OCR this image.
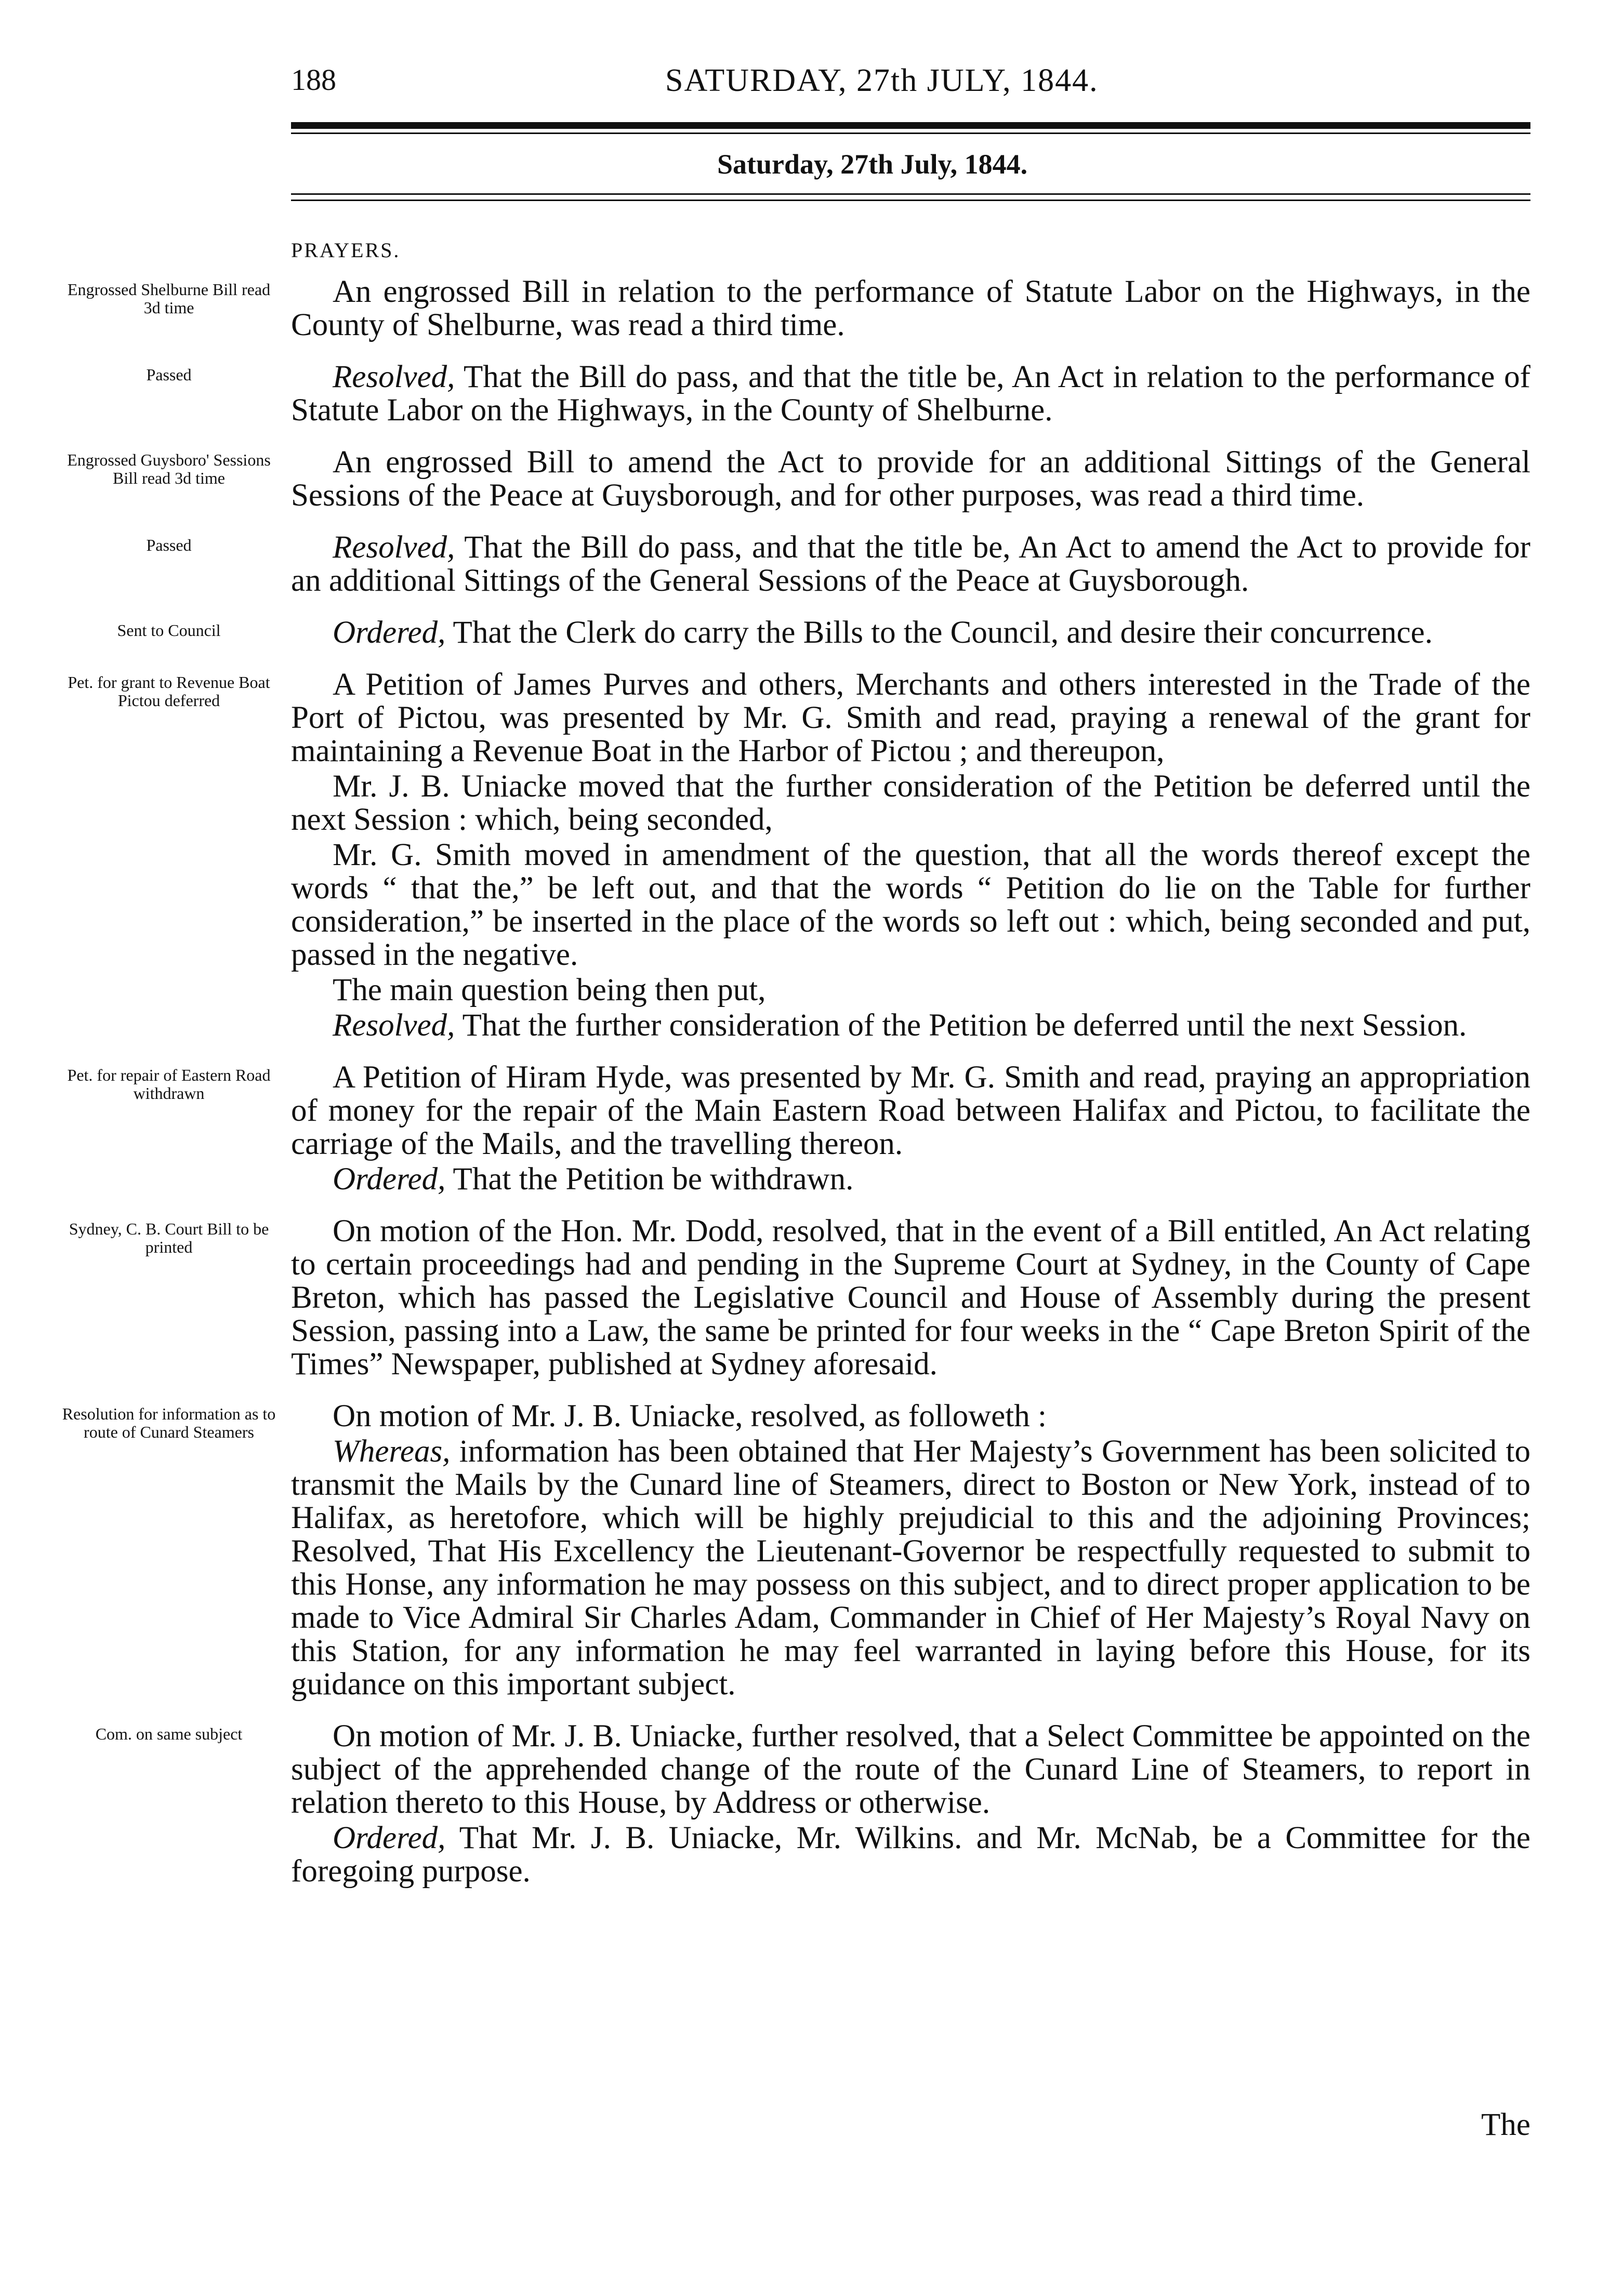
188	SATURDAY, 27th JULY, 1844.
Saturday, 27th July, 1844.
PRAYERS.
Engrossed Shelburne Bill read 3d time	An engrossed Bill in relation to the performance of Statute Labor on the Highways, in the County of Shelburne, was read a third time.

Passed	Resolved, That the Bill do pass, and that the title be, An Act in relation to the performance of Statute Labor on the Highways, in the County of Shelburne.

Engrossed Guysboro' Sessions Bill read 3d time	An engrossed Bill to amend the Act to provide for an additional Sittings of the General Sessions of the Peace at Guysborough, and for other purposes, was read a third time.

Passed	Resolved, That the Bill do pass, and that the title be, An Act to amend the Act to provide for an additional Sittings of the General Sessions of the Peace at Guysborough.

Sent to Council	Ordered, That the Clerk do carry the Bills to the Council, and desire their concurrence.

Pet. for grant to Revenue Boat Pictou deferred	A Petition of James Purves and others, Merchants and others interested in the Trade of the Port of Pictou, was presented by Mr. G. Smith and read, praying a renewal of the grant for maintaining a Revenue Boat in the Harbor of Pictou ; and thereupon,

Mr. J. B. Uniacke moved that the further consideration of the Petition be deferred until the next Session : which, being seconded,

Mr. G. Smith moved in amendment of the question, that all the words thereof except the words “ that the,” be left out, and that the words “ Petition do lie on the Table for further consideration,” be inserted in the place of the words so left out : which, being seconded and put, passed in the negative.

The main question being then put,

Resolved, That the further consideration of the Petition be deferred until the next Session.

Pet. for repair of Eastern Road withdrawn	A Petition of Hiram Hyde, was presented by Mr. G. Smith and read, praying an appropriation of money for the repair of the Main Eastern Road between Halifax and Pictou, to facilitate the carriage of the Mails, and the travelling thereon.

Ordered, That the Petition be withdrawn.

Sydney, C. B. Court Bill to be printed	On motion of the Hon. Mr. Dodd, resolved, that in the event of a Bill entitled, An Act relating to certain proceedings had and pending in the Supreme Court at Sydney, in the County of Cape Breton, which has passed the Legislative Council and House of Assembly during the present Session, passing into a Law, the same be printed for four weeks in the “ Cape Breton Spirit of the Times” Newspaper, published at Sydney aforesaid.

Resolution for information as to route of Cunard Steamers	On motion of Mr. J. B. Uniacke, resolved, as followeth :

Whereas, information has been obtained that Her Majesty’s Government has been solicited to transmit the Mails by the Cunard line of Steamers, direct to Boston or New York, instead of to Halifax, as heretofore, which will be highly prejudicial to this and the adjoining Provinces; Resolved, That His Excellency the Lieutenant-Governor be respectfully requested to submit to this Honse, any information he may possess on this subject, and to direct proper application to be made to Vice Admiral Sir Charles Adam, Commander in Chief of Her Majesty’s Royal Navy on this Station, for any information he may feel warranted in laying before this House, for its guidance on this important subject.

Com. on same subject	On motion of Mr. J. B. Uniacke, further resolved, that a Select Committee be appointed on the subject of the apprehended change of the route of the Cunard Line of Steamers, to report in relation thereto to this House, by Address or otherwise.

Ordered, That Mr. J. B. Uniacke, Mr. Wilkins. and Mr. McNab, be a Committee for the foregoing purpose.

The
